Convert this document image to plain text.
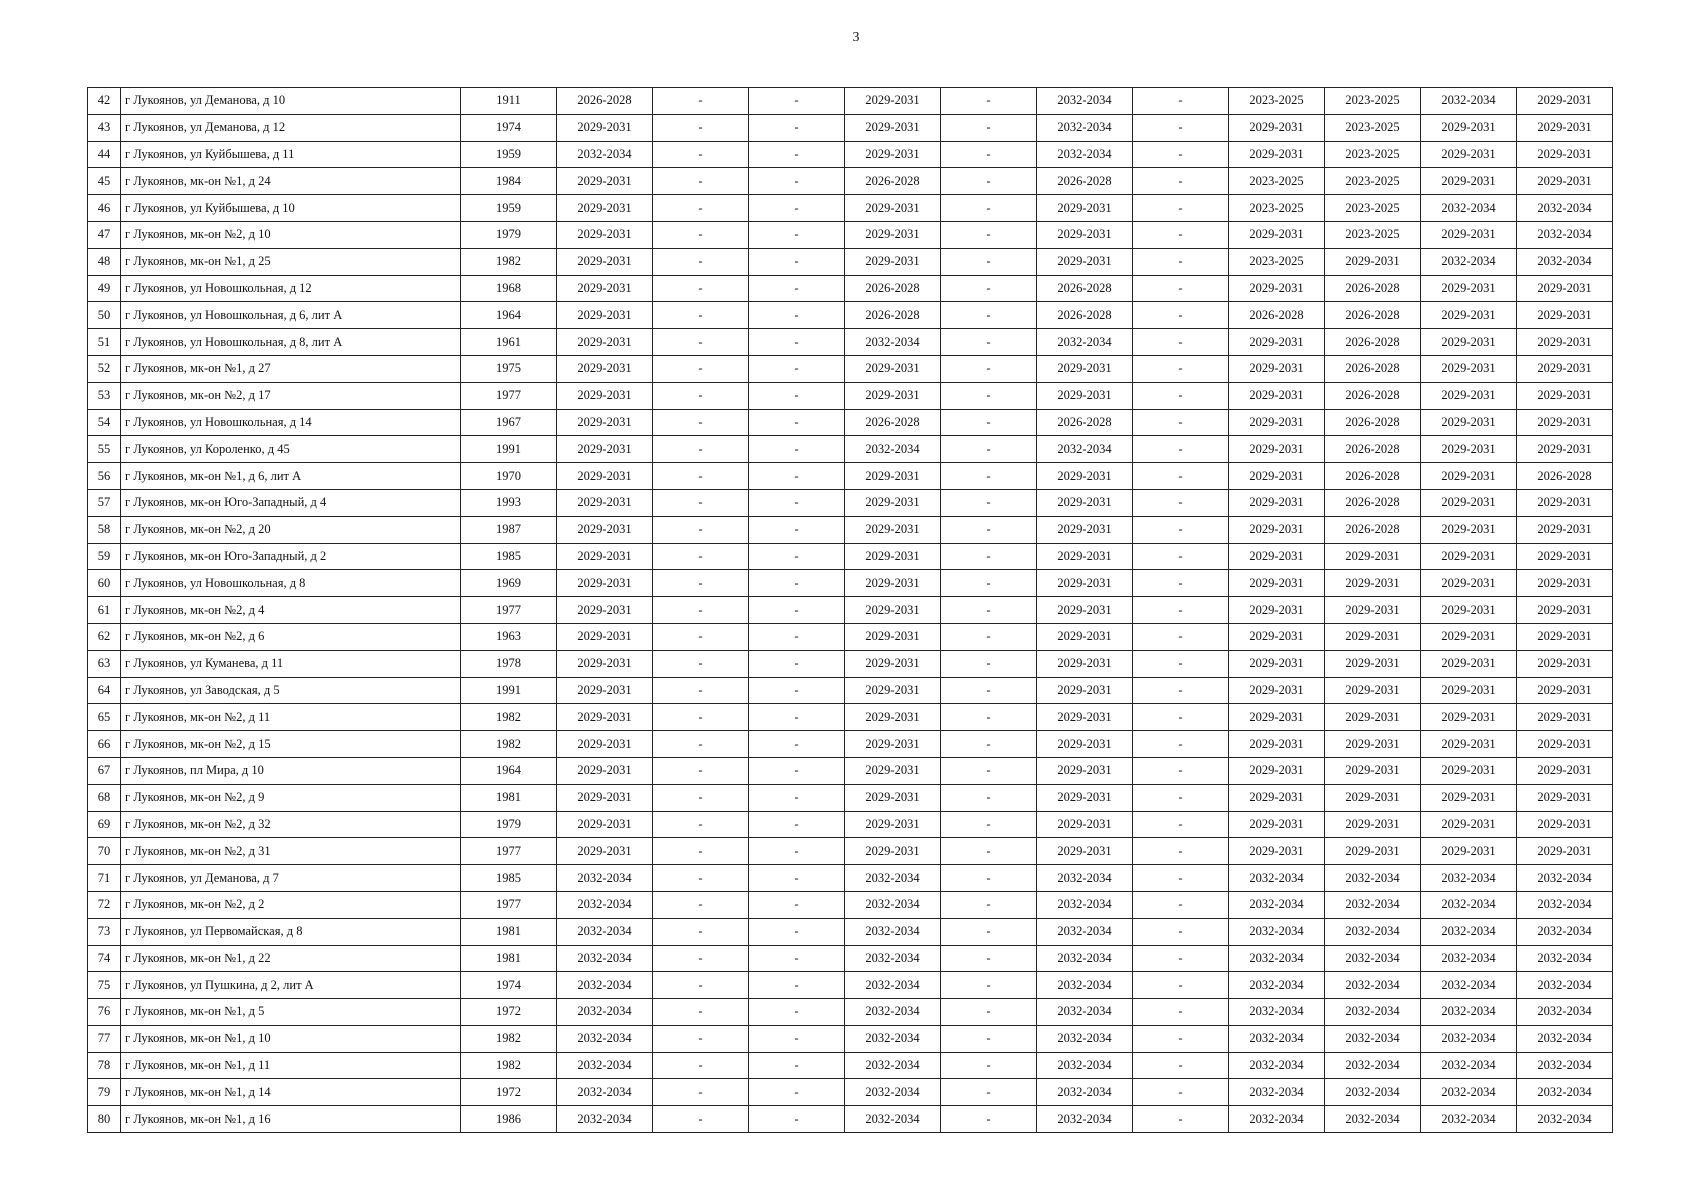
3
42	г Лукоянов, ул Деманова, д 10	1911	2026-2028	-	-	2029-2031	-	2032-2034	-	2023-2025	2023-2025	2032-2034	2029-2031
43	г Лукоянов, ул Деманова, д 12	1974	2029-2031	-	-	2029-2031	-	2032-2034	-	2029-2031	2023-2025	2029-2031	2029-2031
44	г Лукоянов, ул Куйбышева, д 11	1959	2032-2034	-	-	2029-2031	-	2032-2034	-	2029-2031	2023-2025	2029-2031	2029-2031
45	г Лукоянов, мк-он №1, д 24	1984	2029-2031	-	-	2026-2028	-	2026-2028	-	2023-2025	2023-2025	2029-2031	2029-2031
46	г Лукоянов, ул Куйбышева, д 10	1959	2029-2031	-	-	2029-2031	-	2029-2031	-	2023-2025	2023-2025	2032-2034	2032-2034
47	г Лукоянов, мк-он №2, д 10	1979	2029-2031	-	-	2029-2031	-	2029-2031	-	2029-2031	2023-2025	2029-2031	2032-2034
48	г Лукоянов, мк-он №1, д 25	1982	2029-2031	-	-	2029-2031	-	2029-2031	-	2023-2025	2029-2031	2032-2034	2032-2034
49	г Лукоянов, ул Новошкольная, д 12	1968	2029-2031	-	-	2026-2028	-	2026-2028	-	2029-2031	2026-2028	2029-2031	2029-2031
50	г Лукоянов, ул Новошкольная, д 6, лит А	1964	2029-2031	-	-	2026-2028	-	2026-2028	-	2026-2028	2026-2028	2029-2031	2029-2031
51	г Лукоянов, ул Новошкольная, д 8, лит А	1961	2029-2031	-	-	2032-2034	-	2032-2034	-	2029-2031	2026-2028	2029-2031	2029-2031
52	г Лукоянов, мк-он №1, д 27	1975	2029-2031	-	-	2029-2031	-	2029-2031	-	2029-2031	2026-2028	2029-2031	2029-2031
53	г Лукоянов, мк-он №2, д 17	1977	2029-2031	-	-	2029-2031	-	2029-2031	-	2029-2031	2026-2028	2029-2031	2029-2031
54	г Лукоянов, ул Новошкольная, д 14	1967	2029-2031	-	-	2026-2028	-	2026-2028	-	2029-2031	2026-2028	2029-2031	2029-2031
55	г Лукоянов, ул Короленко, д 45	1991	2029-2031	-	-	2032-2034	-	2032-2034	-	2029-2031	2026-2028	2029-2031	2029-2031
56	г Лукоянов, мк-он №1, д 6, лит А	1970	2029-2031	-	-	2029-2031	-	2029-2031	-	2029-2031	2026-2028	2029-2031	2026-2028
57	г Лукоянов, мк-он Юго-Западный, д 4	1993	2029-2031	-	-	2029-2031	-	2029-2031	-	2029-2031	2026-2028	2029-2031	2029-2031
58	г Лукоянов, мк-он №2, д 20	1987	2029-2031	-	-	2029-2031	-	2029-2031	-	2029-2031	2026-2028	2029-2031	2029-2031
59	г Лукоянов, мк-он Юго-Западный, д 2	1985	2029-2031	-	-	2029-2031	-	2029-2031	-	2029-2031	2029-2031	2029-2031	2029-2031
60	г Лукоянов, ул Новошкольная, д 8	1969	2029-2031	-	-	2029-2031	-	2029-2031	-	2029-2031	2029-2031	2029-2031	2029-2031
61	г Лукоянов, мк-он №2, д 4	1977	2029-2031	-	-	2029-2031	-	2029-2031	-	2029-2031	2029-2031	2029-2031	2029-2031
62	г Лукоянов, мк-он №2, д 6	1963	2029-2031	-	-	2029-2031	-	2029-2031	-	2029-2031	2029-2031	2029-2031	2029-2031
63	г Лукоянов, ул Куманева, д 11	1978	2029-2031	-	-	2029-2031	-	2029-2031	-	2029-2031	2029-2031	2029-2031	2029-2031
64	г Лукоянов, ул Заводская, д 5	1991	2029-2031	-	-	2029-2031	-	2029-2031	-	2029-2031	2029-2031	2029-2031	2029-2031
65	г Лукоянов, мк-он №2, д 11	1982	2029-2031	-	-	2029-2031	-	2029-2031	-	2029-2031	2029-2031	2029-2031	2029-2031
66	г Лукоянов, мк-он №2, д 15	1982	2029-2031	-	-	2029-2031	-	2029-2031	-	2029-2031	2029-2031	2029-2031	2029-2031
67	г Лукоянов, пл Мира, д 10	1964	2029-2031	-	-	2029-2031	-	2029-2031	-	2029-2031	2029-2031	2029-2031	2029-2031
68	г Лукоянов, мк-он №2, д 9	1981	2029-2031	-	-	2029-2031	-	2029-2031	-	2029-2031	2029-2031	2029-2031	2029-2031
69	г Лукоянов, мк-он №2, д 32	1979	2029-2031	-	-	2029-2031	-	2029-2031	-	2029-2031	2029-2031	2029-2031	2029-2031
70	г Лукоянов, мк-он №2, д 31	1977	2029-2031	-	-	2029-2031	-	2029-2031	-	2029-2031	2029-2031	2029-2031	2029-2031
71	г Лукоянов, ул Деманова, д 7	1985	2032-2034	-	-	2032-2034	-	2032-2034	-	2032-2034	2032-2034	2032-2034	2032-2034
72	г Лукоянов, мк-он №2, д 2	1977	2032-2034	-	-	2032-2034	-	2032-2034	-	2032-2034	2032-2034	2032-2034	2032-2034
73	г Лукоянов, ул Первомайская, д 8	1981	2032-2034	-	-	2032-2034	-	2032-2034	-	2032-2034	2032-2034	2032-2034	2032-2034
74	г Лукоянов, мк-он №1, д 22	1981	2032-2034	-	-	2032-2034	-	2032-2034	-	2032-2034	2032-2034	2032-2034	2032-2034
75	г Лукоянов, ул Пушкина, д 2, лит А	1974	2032-2034	-	-	2032-2034	-	2032-2034	-	2032-2034	2032-2034	2032-2034	2032-2034
76	г Лукоянов, мк-он №1, д 5	1972	2032-2034	-	-	2032-2034	-	2032-2034	-	2032-2034	2032-2034	2032-2034	2032-2034
77	г Лукоянов, мк-он №1, д 10	1982	2032-2034	-	-	2032-2034	-	2032-2034	-	2032-2034	2032-2034	2032-2034	2032-2034
78	г Лукоянов, мк-он №1, д 11	1982	2032-2034	-	-	2032-2034	-	2032-2034	-	2032-2034	2032-2034	2032-2034	2032-2034
79	г Лукоянов, мк-он №1, д 14	1972	2032-2034	-	-	2032-2034	-	2032-2034	-	2032-2034	2032-2034	2032-2034	2032-2034
80	г Лукоянов, мк-он №1, д 16	1986	2032-2034	-	-	2032-2034	-	2032-2034	-	2032-2034	2032-2034	2032-2034	2032-2034
